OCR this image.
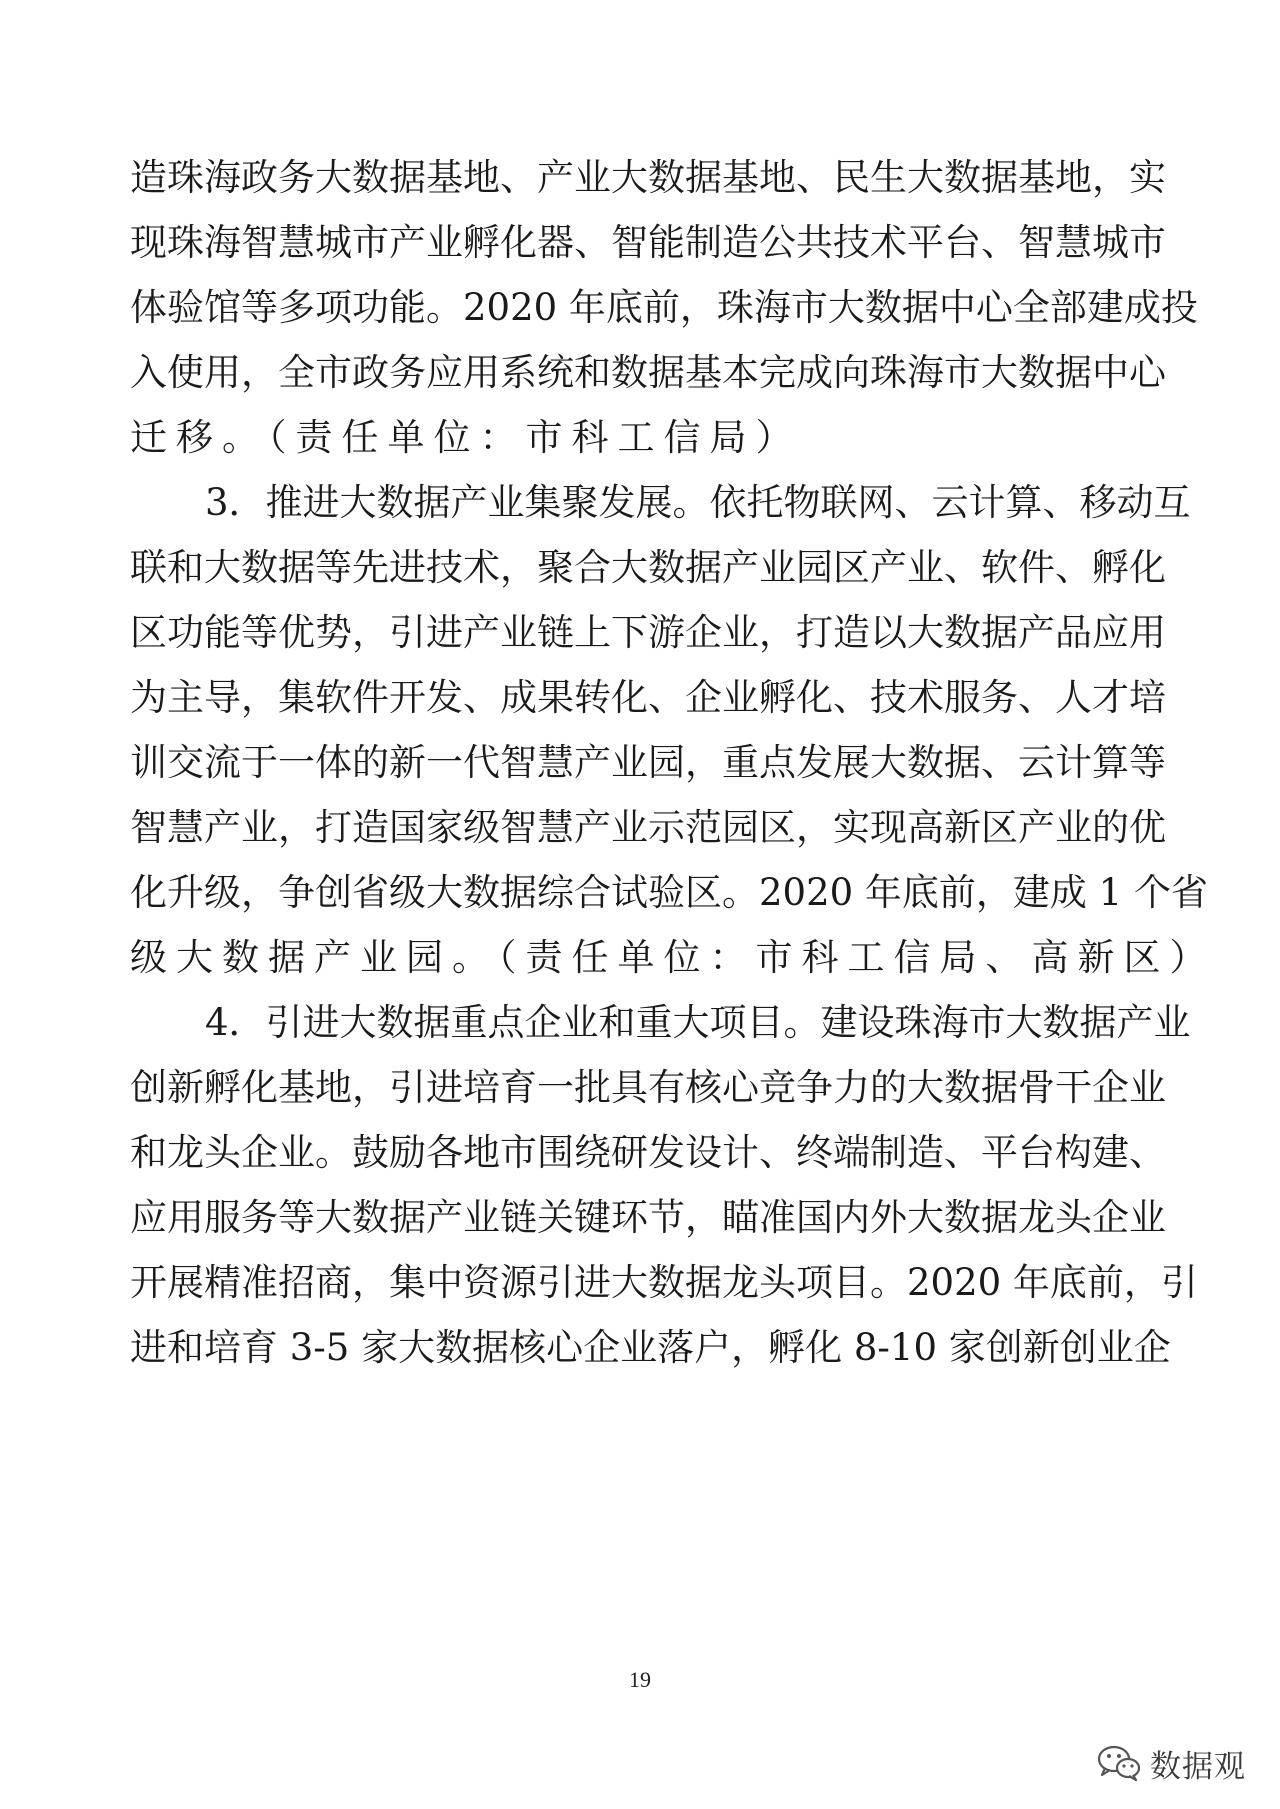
造珠海政务大数据基地、产业大数据基地、民生大数据基地，实
现珠海智慧城市产业孵化器、智能制造公共技术平台、智慧城市
体验馆等多项功能。2020 年底前，珠海市大数据中心全部建成投
入使用，全市政务应用系统和数据基本完成向珠海市大数据中心
迁移。（责任单位：市科工信局）
3．推进大数据产业集聚发展。依托物联网、云计算、移动互
联和大数据等先进技术，聚合大数据产业园区产业、软件、孵化
区功能等优势，引进产业链上下游企业，打造以大数据产品应用
为主导，集软件开发、成果转化、企业孵化、技术服务、人才培
训交流于一体的新一代智慧产业园，重点发展大数据、云计算等
智慧产业，打造国家级智慧产业示范园区，实现高新区产业的优
化升级，争创省级大数据综合试验区。2020 年底前，建成 1 个省
级大数据产业园。（责任单位：市科工信局、高新区）
4．引进大数据重点企业和重大项目。建设珠海市大数据产业
创新孵化基地，引进培育一批具有核心竞争力的大数据骨干企业
和龙头企业。鼓励各地市围绕研发设计、终端制造、平台构建、
应用服务等大数据产业链关键环节，瞄准国内外大数据龙头企业
开展精准招商，集中资源引进大数据龙头项目。2020 年底前，引
进和培育 3-5 家大数据核心企业落户，孵化 8-10 家创新创业企
19
数据观
